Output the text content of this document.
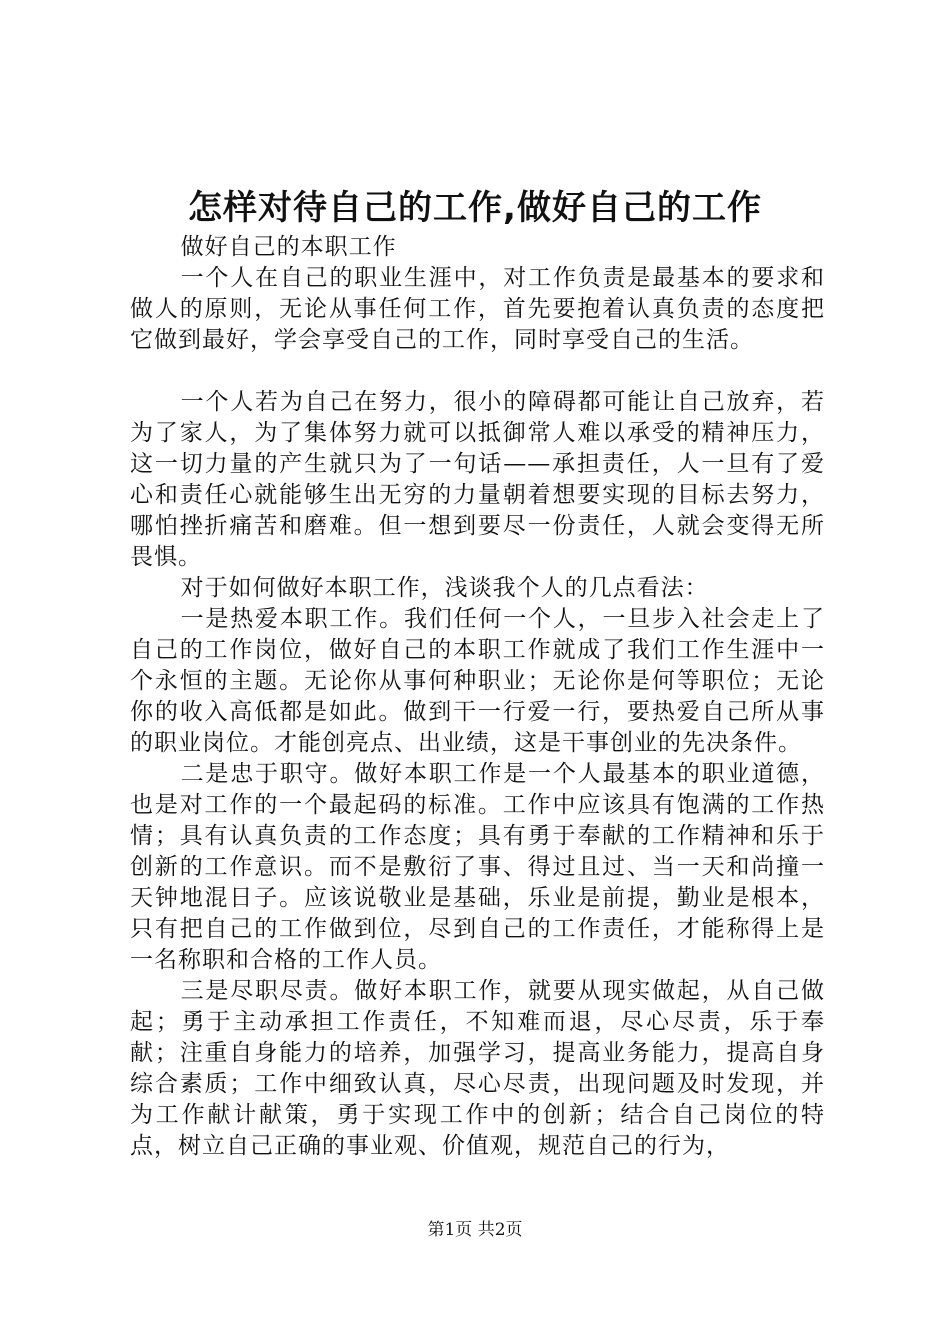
怎样对待自己的工作,做好自己的工作

做好自己的本职工作

一个人在自己的职业生涯中，对工作负责是最基本的要求和做人的原则，无论从事任何工作，首先要抱着认真负责的态度把它做到最好，学会享受自己的工作，同时享受自己的生活。

一个人若为自己在努力，很小的障碍都可能让自己放弃，若为了家人，为了集体努力就可以抵御常人难以承受的精神压力，这一切力量的产生就只为了一句话——承担责任，人一旦有了爱心和责任心就能够生出无穷的力量朝着想要实现的目标去努力，哪怕挫折痛苦和磨难。但一想到要尽一份责任，人就会变得无所畏惧。

对于如何做好本职工作，浅谈我个人的几点看法：

一是热爱本职工作。我们任何一个人，一旦步入社会走上了自己的工作岗位，做好自己的本职工作就成了我们工作生涯中一个永恒的主题。无论你从事何种职业；无论你是何等职位；无论你的收入高低都是如此。做到干一行爱一行，要热爱自己所从事的职业岗位。才能创亮点、出业绩，这是干事创业的先决条件。

二是忠于职守。做好本职工作是一个人最基本的职业道德，也是对工作的一个最起码的标准。工作中应该具有饱满的工作热情；具有认真负责的工作态度；具有勇于奉献的工作精神和乐于创新的工作意识。而不是敷衍了事、得过且过、当一天和尚撞一天钟地混日子。应该说敬业是基础，乐业是前提，勤业是根本，只有把自己的工作做到位，尽到自己的工作责任，才能称得上是一名称职和合格的工作人员。

三是尽职尽责。做好本职工作，就要从现实做起，从自己做起；勇于主动承担工作责任，不知难而退，尽心尽责，乐于奉献；注重自身能力的培养，加强学习，提高业务能力，提高自身综合素质；工作中细致认真，尽心尽责，出现问题及时发现，并为工作献计献策，勇于实现工作中的创新；结合自己岗位的特点，树立自己正确的事业观、价值观，规范自己的行为，

第1页 共2页
